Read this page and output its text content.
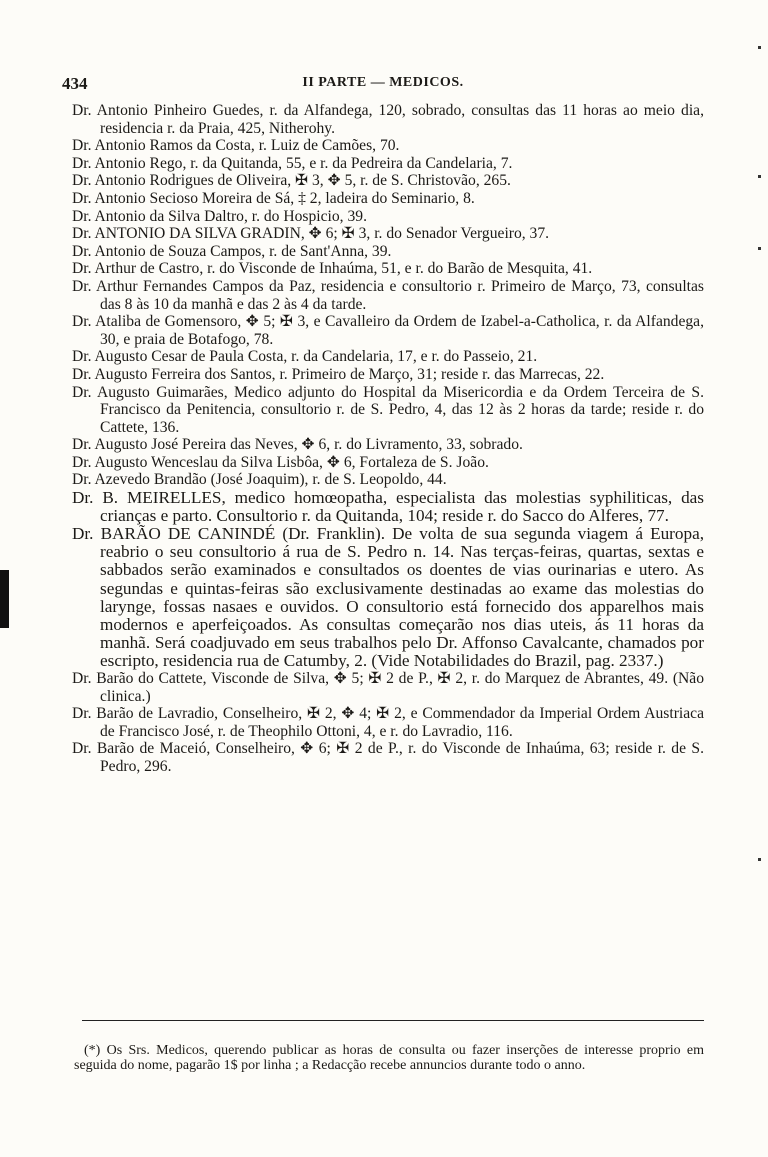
434	II PARTE — MEDICOS.

Dr. Antonio Pinheiro Guedes, r. da Alfandega, 120, sobrado, consultas das 11 horas ao meio dia, residencia r. da Praia, 425, Nitherohy.

Dr. Antonio Ramos da Costa, r. Luiz de Camões, 70.

Dr. Antonio Rego, r. da Quitanda, 55, e r. da Pedreira da Candelaria, 7.

Dr. Antonio Rodrigues de Oliveira, ✠ 3, ✥ 5, r. de S. Christovão, 265.

Dr. Antonio Secioso Moreira de Sá, ‡ 2, ladeira do Seminario, 8.

Dr. Antonio da Silva Daltro, r. do Hospicio, 39.

Dr. ANTONIO DA SILVA GRADIN, ✥ 6; ✠ 3, r. do Senador Vergueiro, 37.

Dr. Antonio de Souza Campos, r. de Sant'Anna, 39.

Dr. Arthur de Castro, r. do Visconde de Inhaúma, 51, e r. do Barão de Mesquita, 41.

Dr. Arthur Fernandes Campos da Paz, residencia e consultorio r. Primeiro de Março, 73, consultas das 8 às 10 da manhã e das 2 às 4 da tarde.

Dr. Ataliba de Gomensoro, ✥ 5; ✠ 3, e Cavalleiro da Ordem de Izabel-a-Catholica, r. da Alfandega, 30, e praia de Botafogo, 78.

Dr. Augusto Cesar de Paula Costa, r. da Candelaria, 17, e r. do Passeio, 21.

Dr. Augusto Ferreira dos Santos, r. Primeiro de Março, 31; reside r. das Marrecas, 22.

Dr. Augusto Guimarães, Medico adjunto do Hospital da Misericordia e da Ordem Terceira de S. Francisco da Penitencia, consultorio r. de S. Pedro, 4, das 12 às 2 horas da tarde; reside r. do Cattete, 136.

Dr. Augusto José Pereira das Neves, ✥ 6, r. do Livramento, 33, sobrado.

Dr. Augusto Wenceslau da Silva Lisbôa, ✥ 6, Fortaleza de S. João.

Dr. Azevedo Brandão (José Joaquim), r. de S. Leopoldo, 44.

Dr. B. MEIRELLES, medico homœopatha, especialista das molestias syphiliticas, das crianças e parto. Consultorio r. da Quitanda, 104; reside r. do Sacco do Alferes, 77.

Dr. BARÃO DE CANINDÉ (Dr. Franklin). De volta de sua segunda viagem á Europa, reabrio o seu consultorio á rua de S. Pedro n. 14. Nas terças-feiras, quartas, sextas e sabbados serão examinados e consultados os doentes de vias ourinarias e utero. As segundas e quintas-feiras são exclusivamente destinadas ao exame das molestias do larynge, fossas nasaes e ouvidos. O consultorio está fornecido dos apparelhos mais modernos e aperfeiçoados. As consultas começarão nos dias uteis, ás 11 horas da manhã. Será coadjuvado em seus trabalhos pelo Dr. Affonso Cavalcante, chamados por escripto, residencia rua de Catumby, 2. (Vide Notabilidades do Brazil, pag. 2337.)

Dr. Barão do Cattete, Visconde de Silva, ✥ 5; ✠ 2 de P., ✠ 2, r. do Marquez de Abrantes, 49. (Não clinica.)

Dr. Barão de Lavradio, Conselheiro, ✠ 2, ✥ 4; ✠ 2, e Commendador da Imperial Ordem Austriaca de Francisco José, r. de Theophilo Ottoni, 4, e r. do Lavradio, 116.

Dr. Barão de Maceió, Conselheiro, ✥ 6; ✠ 2 de P., r. do Visconde de Inhaúma, 63; reside r. de S. Pedro, 296.

(*) Os Srs. Medicos, querendo publicar as horas de consulta ou fazer inserções de interesse proprio em seguida do nome, pagarão 1$ por linha ; a Redacção recebe annuncios durante todo o anno.
